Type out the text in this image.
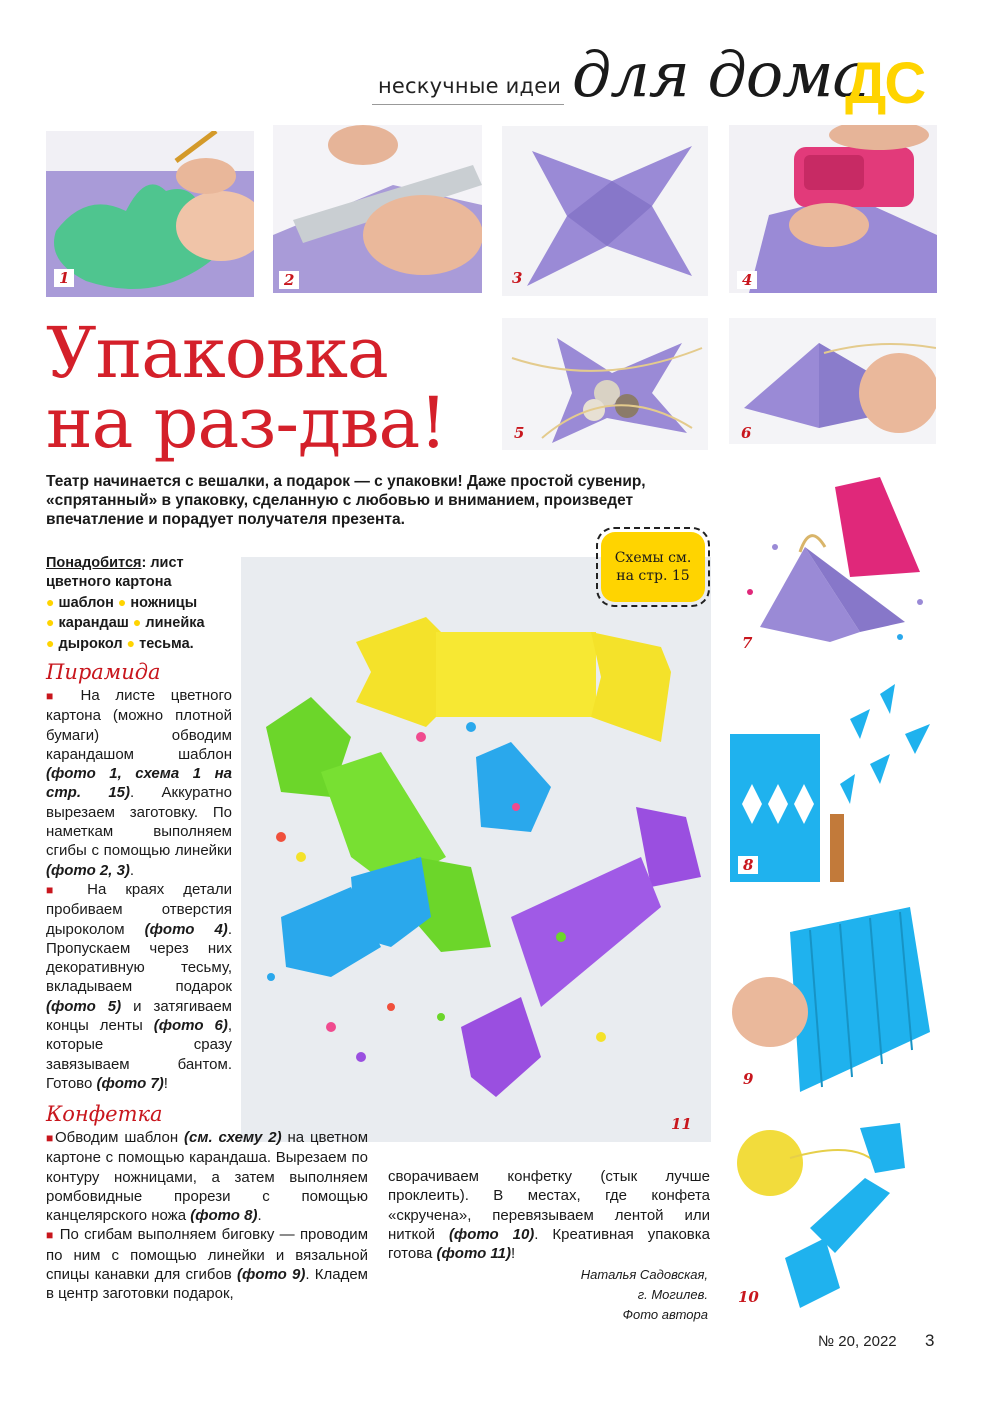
нескучные идеи для дома
ДС
1	2	3	4
Упаковка
на раз-два!	5	6
Театр начинается с вешалки, а подарок — с упаковки! Даже простой сувенир, «спрятанный» в упаковку, сделанную с любовью и вниманием, произведет впечатление и порадует получателя презента.
Понадобится: лист цветного картона
● шаблон ● ножницы
● карандаш ● линейка
● дырокол ● тесьма.
11
Схемы см.
на стр. 15
7
8
9
10
Пирамида
■ На листе цветного картона (можно плотной бумаги) обводим карандашом шаблон (фото 1, схема 1 на стр. 15). Аккуратно вырезаем заготовку. По наметкам выполняем сгибы с помощью линейки (фото 2, 3).
■ На краях детали пробиваем отверстия дыроколом (фото 4). Пропускаем через них декоративную тесьму, вкладываем подарок (фото 5) и затягиваем концы ленты (фото 6), которые сразу завязываем бантом. Готово (фото 7)!
Конфетка
■Обводим шаблон (см. схему 2) на цветном картоне с помощью карандаша. Вырезаем по контуру ножницами, а затем выполняем ромбовидные прорези с помощью канцелярского ножа (фото 8).
■ По сгибам выполняем биговку — проводим по ним с помощью линейки и вязальной спицы канавки для сгибов (фото 9). Кладем в центр заготовки подарок,
сворачиваем конфетку (стык лучше проклеить). В местах, где конфета «скручена», перевязываем лентой или ниткой (фото 10). Креативная упаковка готова (фото 11)!
Наталья Садовская,
г. Могилев.
Фото автора
№ 20, 2022 3
